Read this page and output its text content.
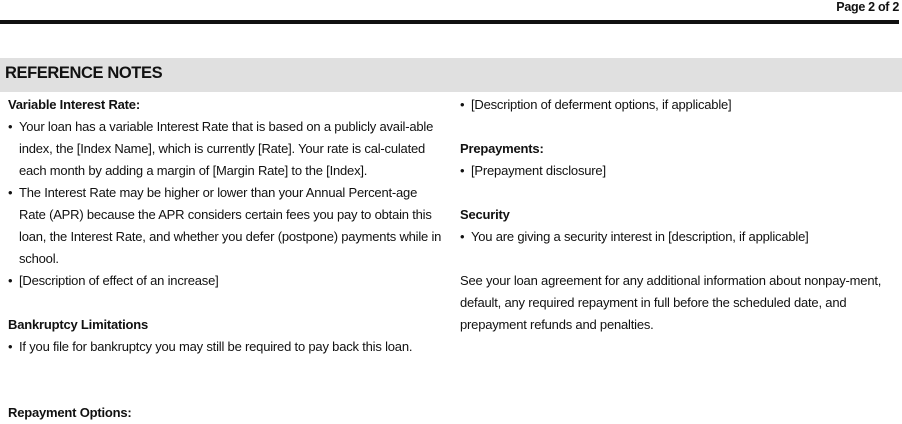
Page 2 of 2
REFERENCE NOTES
Variable Interest Rate:
• Your loan has a variable Interest Rate that is based on a publicly avail-able index, the [Index Name], which is currently [Rate]. Your rate is cal-culated each month by adding a margin of [Margin Rate] to the [Index].
• The Interest Rate may be higher or lower than your Annual Percent-age Rate (APR) because the APR considers certain fees you pay to obtain this loan, the Interest Rate, and whether you defer (postpone) payments while in school.
• [Description of effect of an increase]
Bankruptcy Limitations
• If you file for bankruptcy you may still be required to pay back this loan.
Repayment Options:
• [Description of deferment options, if applicable]
Prepayments:
• [Prepayment disclosure]
Security
• You are giving a security interest in [description, if applicable]

See your loan agreement for any additional information about nonpay-ment, default, any required repayment in full before the scheduled date, and prepayment refunds and penalties.
